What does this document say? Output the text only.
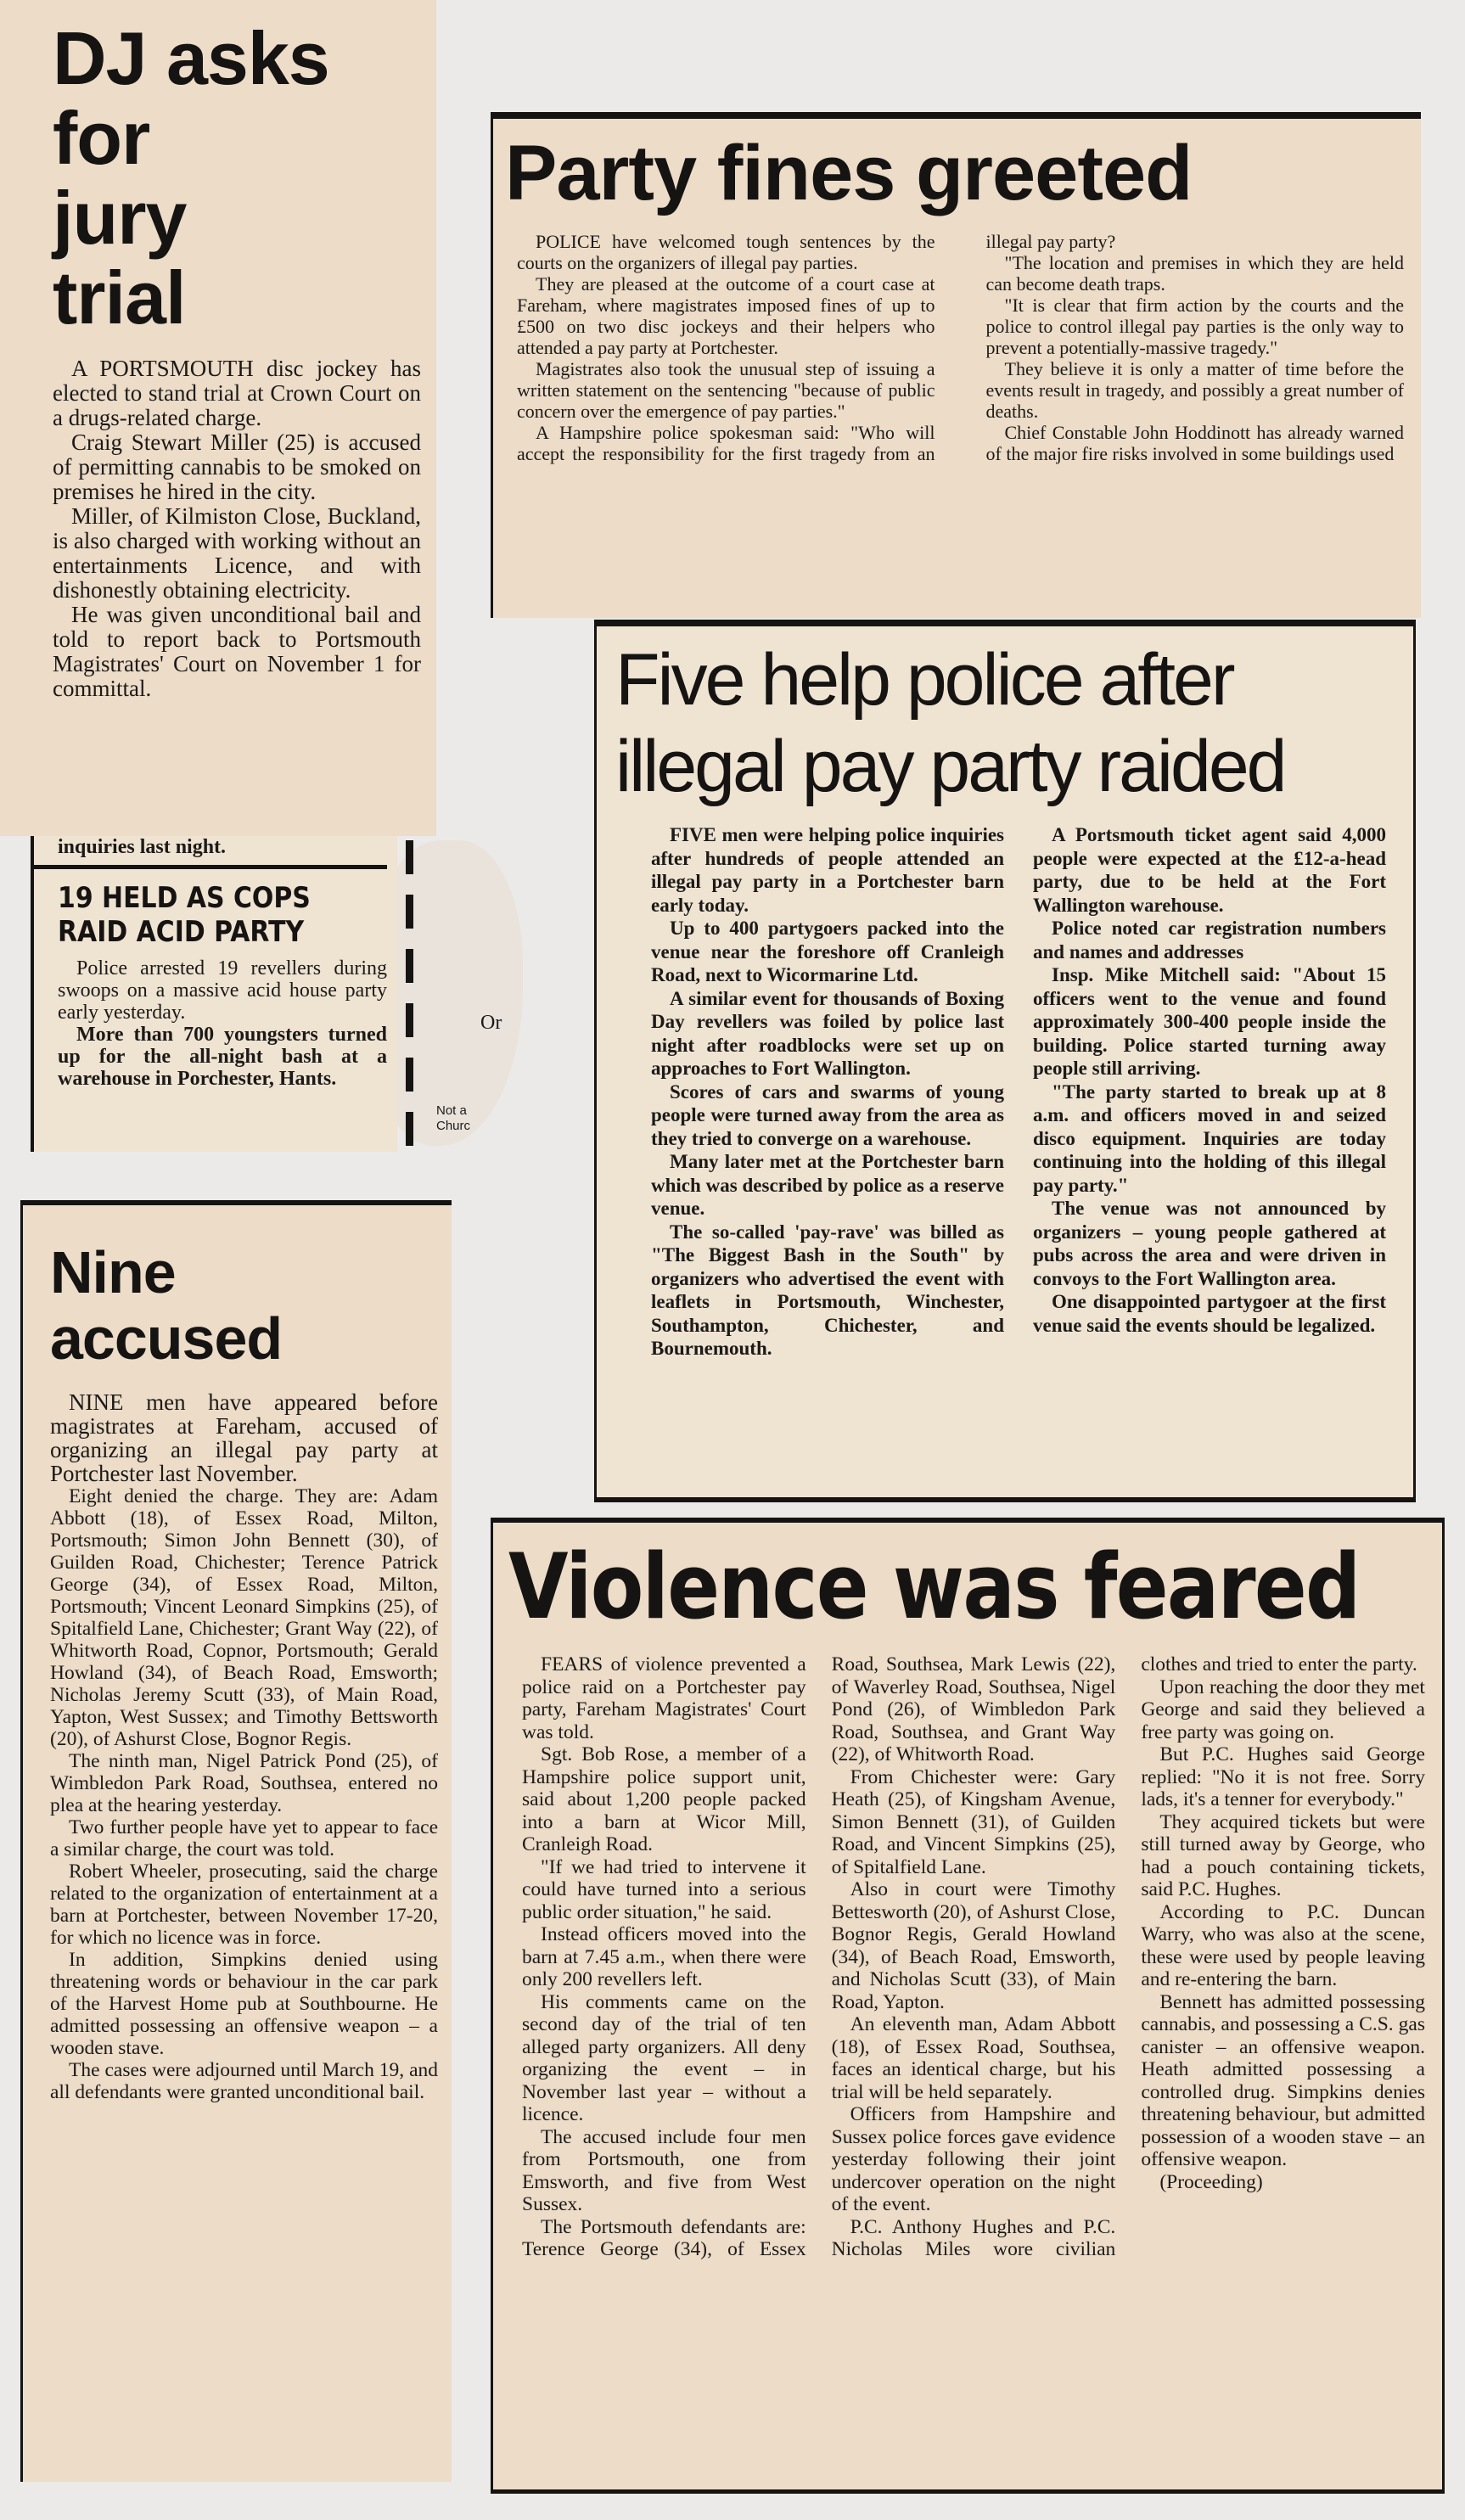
DJ asks
for
jury
trial

A PORTSMOUTH disc jockey has elected to stand trial at Crown Court on a drugs-related charge.

Craig Stewart Miller (25) is accused of permitting cannabis to be smoked on premises he hired in the city.

Miller, of Kilmiston Close, Buckland, is also charged with working without an entertainments Licence, and with dishonestly obtaining electricity.

He was given unconditional bail and told to report back to Portsmouth Magistrates' Court on November 1 for committal.

Party fines greeted

POLICE have welcomed tough sentences by the courts on the organizers of illegal pay parties.

They are pleased at the outcome of a court case at Fareham, where magistrates imposed fines of up to £500 on two disc jockeys and their helpers who attended a pay party at Portchester.

Magistrates also took the unusual step of issuing a written statement on the sentencing "because of public concern over the emergence of pay parties."

A Hampshire police spokesman said: "Who will accept the responsibility for the first tragedy from an illegal pay party?

"The location and premises in which they are held can become death traps.

"It is clear that firm action by the courts and the police to control illegal pay parties is the only way to prevent a potentially-massive tragedy."

They believe it is only a matter of time before the events result in tragedy, and possibly a great number of deaths.

Chief Constable John Hoddinott has already warned of the major fire risks involved in some buildings used

inquiries last night.
19 HELD AS COPS RAID ACID PARTY

Police arrested 19 revellers during swoops on a massive acid house party early yesterday.

More than 700 youngsters turned up for the all-night bash at a warehouse in Porchester, Hants.

Or
Not a Churc
Five help police after illegal pay party raided

FIVE men were helping police inquiries after hundreds of people attended an illegal pay party in a Portchester barn early today.

Up to 400 partygoers packed into the venue near the foreshore off Cranleigh Road, next to Wicormarine Ltd.

A similar event for thousands of Boxing Day revellers was foiled by police last night after roadblocks were set up on approaches to Fort Wallington.

Scores of cars and swarms of young people were turned away from the area as they tried to converge on a warehouse.

Many later met at the Portchester barn which was described by police as a reserve venue.

The so-called 'pay-rave' was billed as "The Biggest Bash in the South" by organizers who advertised the event with leaflets in Portsmouth, Winchester, Southampton, Chichester, and Bournemouth.

A Portsmouth ticket agent said 4,000 people were expected at the £12-a-head party, due to be held at the Fort Wallington warehouse.

Police noted car registration numbers and names and addresses

Insp. Mike Mitchell said: "About 15 officers went to the venue and found approximately 300-400 people inside the building. Police started turning away people still arriving.

"The party started to break up at 8 a.m. and officers moved in and seized disco equipment. Inquiries are today continuing into the holding of this illegal pay party."

The venue was not announced by organizers – young people gathered at pubs across the area and were driven in convoys to the Fort Wallington area.

One disappointed partygoer at the first venue said the events should be legalized.

Nine
accused

NINE men have appeared before magistrates at Fareham, accused of organizing an illegal pay party at Portchester last November.

Eight denied the charge. They are: Adam Abbott (18), of Essex Road, Milton, Portsmouth; Simon John Bennett (30), of Guilden Road, Chichester; Terence Patrick George (34), of Essex Road, Milton, Portsmouth; Vincent Leonard Simpkins (25), of Spitalfield Lane, Chichester; Grant Way (22), of Whitworth Road, Copnor, Portsmouth; Gerald Howland (34), of Beach Road, Emsworth; Nicholas Jeremy Scutt (33), of Main Road, Yapton, West Sussex; and Timothy Bettsworth (20), of Ashurst Close, Bognor Regis.

The ninth man, Nigel Patrick Pond (25), of Wimbledon Park Road, Southsea, entered no plea at the hearing yesterday.

Two further people have yet to appear to face a similar charge, the court was told.

Robert Wheeler, prosecuting, said the charge related to the organization of entertainment at a barn at Portchester, between November 17-20, for which no licence was in force.

In addition, Simpkins denied using threatening words or behaviour in the car park of the Harvest Home pub at Southbourne. He admitted possessing an offensive weapon – a wooden stave.

The cases were adjourned until March 19, and all defendants were granted unconditional bail.

Violence was feared

FEARS of violence prevented a police raid on a Portchester pay party, Fareham Magistrates' Court was told.

Sgt. Bob Rose, a member of a Hampshire police support unit, said about 1,200 people packed into a barn at Wicor Mill, Cranleigh Road.

"If we had tried to intervene it could have turned into a serious public order situation," he said.

Instead officers moved into the barn at 7.45 a.m., when there were only 200 revellers left.

His comments came on the second day of the trial of ten alleged party organizers. All deny organizing the event – in November last year – without a licence.

The accused include four men from Portsmouth, one from Emsworth, and five from West Sussex.

The Portsmouth defendants are: Terence George (34), of Essex Road, Southsea, Mark Lewis (22), of Waverley Road, Southsea, Nigel Pond (26), of Wimbledon Park Road, Southsea, and Grant Way (22), of Whitworth Road.

From Chichester were: Gary Heath (25), of Kingsham Avenue, Simon Bennett (31), of Guilden Road, and Vincent Simpkins (25), of Spitalfield Lane.

Also in court were Timothy Bettesworth (20), of Ashurst Close, Bognor Regis, Gerald Howland (34), of Beach Road, Emsworth, and Nicholas Scutt (33), of Main Road, Yapton.

An eleventh man, Adam Abbott (18), of Essex Road, Southsea, faces an identical charge, but his trial will be held separately.

Officers from Hampshire and Sussex police forces gave evidence yesterday following their joint undercover operation on the night of the event.

P.C. Anthony Hughes and P.C. Nicholas Miles wore civilian clothes and tried to enter the party.

Upon reaching the door they met George and said they believed a free party was going on.

But P.C. Hughes said George replied: "No it is not free. Sorry lads, it's a tenner for everybody."

They acquired tickets but were still turned away by George, who had a pouch containing tickets, said P.C. Hughes.

According to P.C. Duncan Warry, who was also at the scene, these were used by people leaving and re-entering the barn.

Bennett has admitted possessing cannabis, and possessing a C.S. gas canister – an offensive weapon. Heath admitted possessing a controlled drug. Simpkins denies threatening behaviour, but admitted possession of a wooden stave – an offensive weapon.

(Proceeding)
